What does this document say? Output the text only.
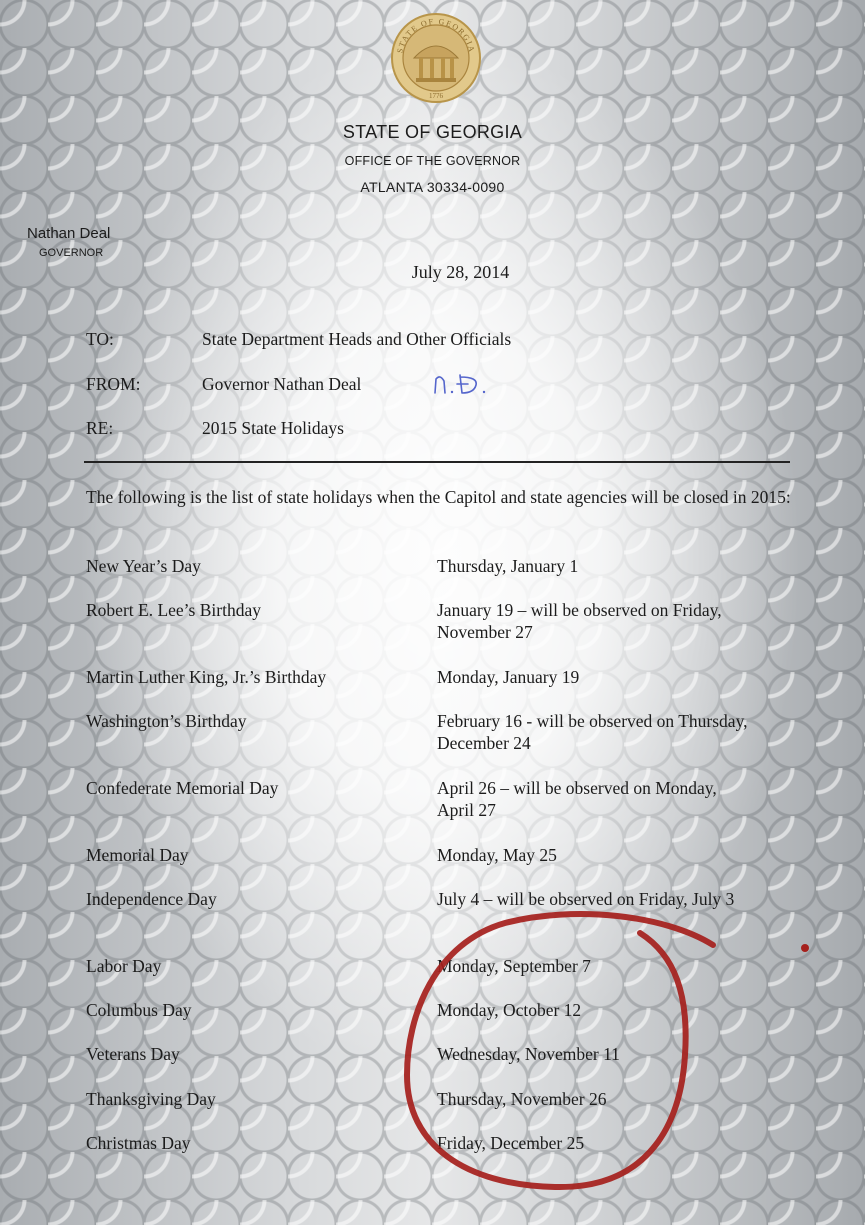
STATE OF GEORGIA
1776
STATE OF GEORGIA
OFFICE OF THE GOVERNOR
ATLANTA 30334-0090
Nathan Deal
GOVERNOR
July 28, 2014
TO:	State Department Heads and Other Officials
FROM:	Governor Nathan Deal
RE:	2015 State Holidays
The following is the list of state holidays when the Capitol and state agencies will be closed in 2015:
New Year’s Day	Thursday, January 1
Robert E. Lee’s Birthday	January 19 – will be observed on Friday, November 27
Martin Luther King, Jr.’s Birthday	Monday, January 19
Washington’s Birthday	February 16 - will be observed on Thursday, December 24
Confederate Memorial Day	April 26 – will be observed on Monday, April 27
Memorial Day	Monday, May 25
Independence Day	July 4 – will be observed on Friday, July 3
Labor Day	Monday, September 7
Columbus Day	Monday, October 12
Veterans Day	Wednesday, November 11
Thanksgiving Day	Thursday, November 26
Christmas Day	Friday, December 25
